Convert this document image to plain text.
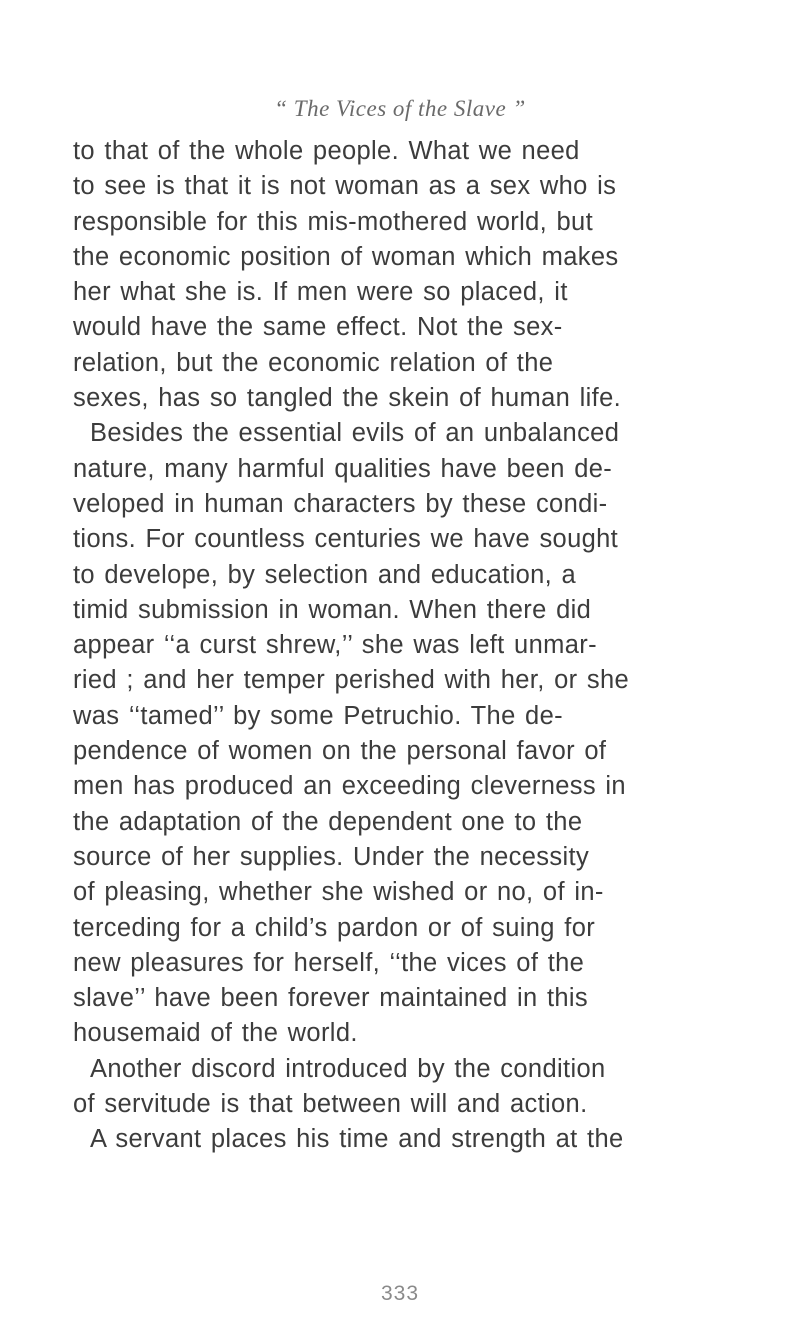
“ The Vices of the Slave ”
to that of the whole people. What we need
to see is that it is not woman as a sex who is
responsible for this mis-mothered world, but
the economic position of woman which makes
her what she is. If men were so placed, it
would have the same effect. Not the sex-
relation, but the economic relation of the
sexes, has so tangled the skein of human life.
Besides the essential evils of an unbalanced
nature, many harmful qualities have been de-
veloped in human characters by these condi-
tions. For countless centuries we have sought
to develope, by selection and education, a
timid submission in woman. When there did
appear ‘‘a curst shrew,’’ she was left unmar-
ried ; and her temper perished with her, or she
was ‘‘tamed’’ by some Petruchio. The de-
pendence of women on the personal favor of
men has produced an exceeding cleverness in
the adaptation of the dependent one to the
source of her supplies. Under the necessity
of pleasing, whether she wished or no, of in-
terceding for a child’s pardon or of suing for
new pleasures for herself, ‘‘the vices of the
slave’’ have been forever maintained in this
housemaid of the world.
Another discord introduced by the condition
of servitude is that between will and action.
A servant places his time and strength at the
333
